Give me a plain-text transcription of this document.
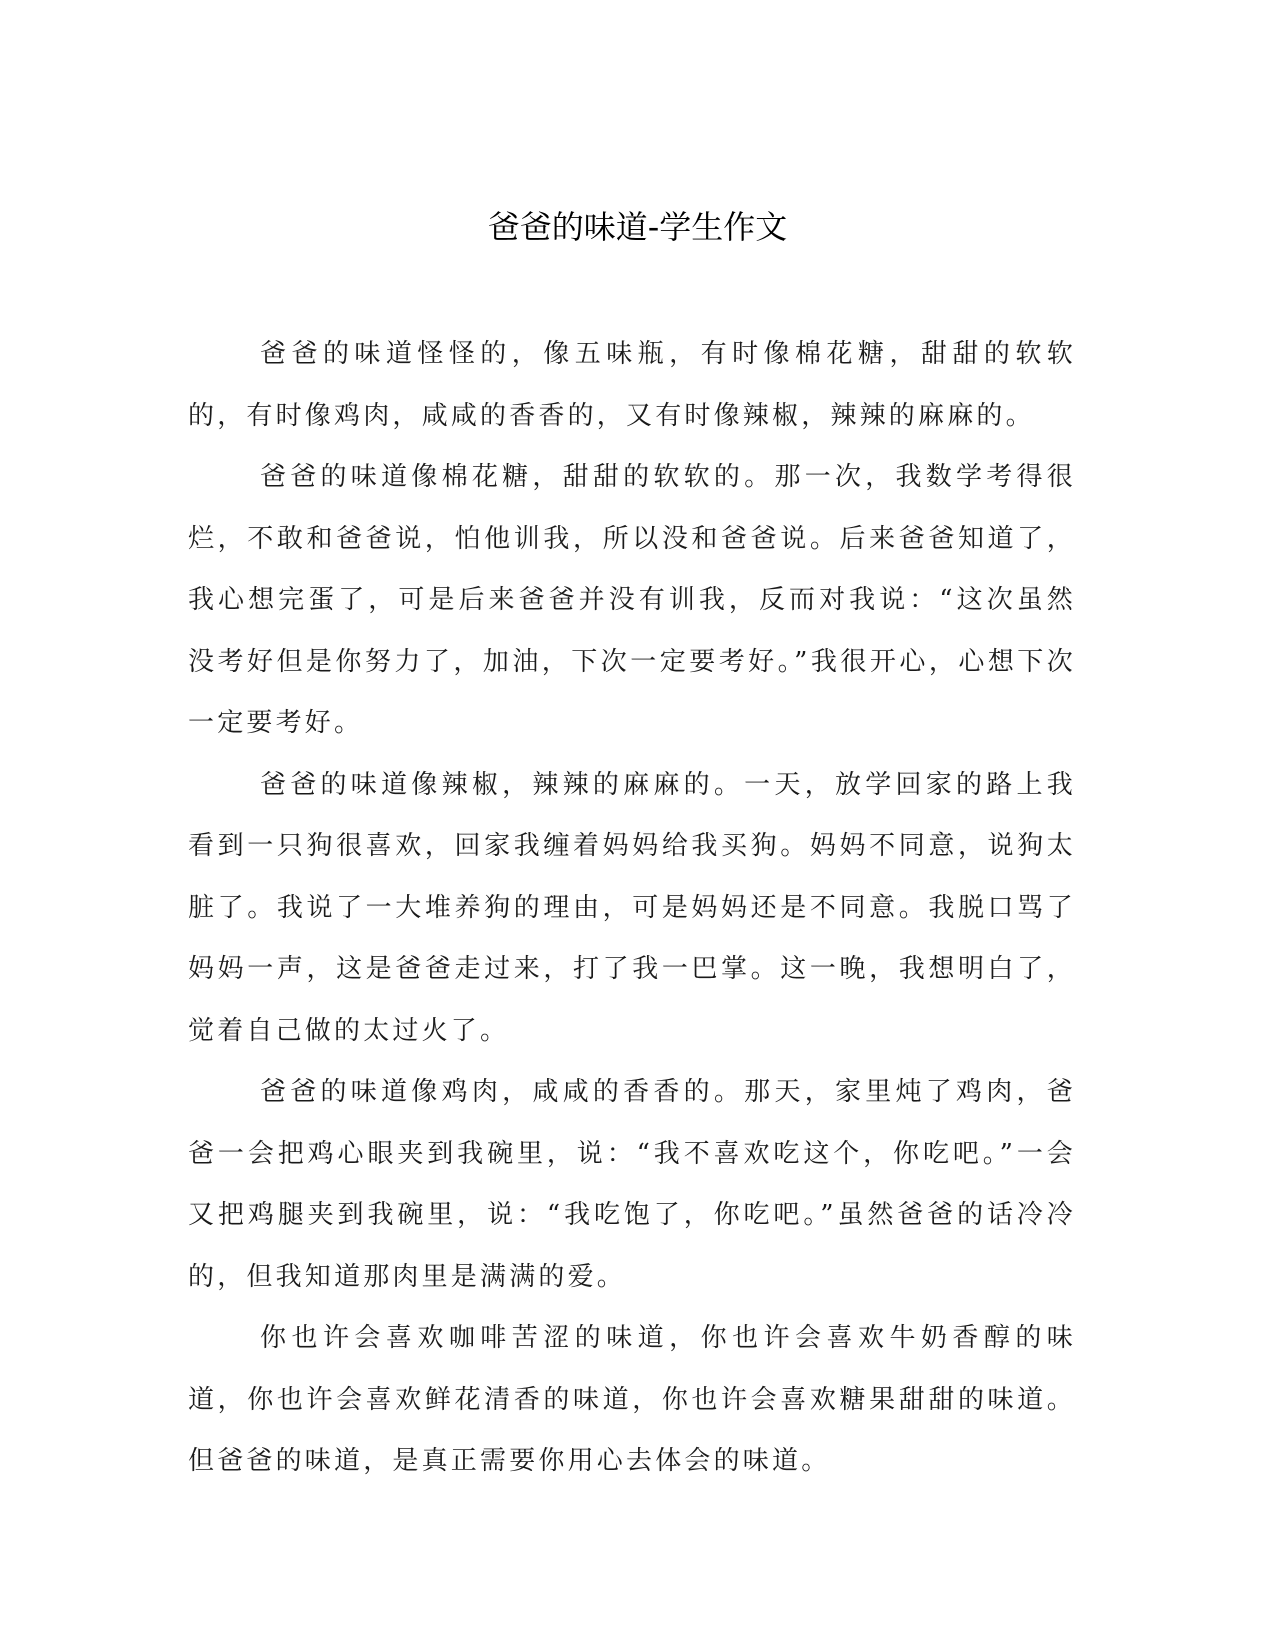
爸爸的味道-学生作文

爸爸的味道怪怪的，像五味瓶，有时像棉花糖，甜甜的软软的，有时像鸡肉，咸咸的香香的，又有时像辣椒，辣辣的麻麻的。

爸爸的味道像棉花糖，甜甜的软软的。那一次，我数学考得很烂，不敢和爸爸说，怕他训我，所以没和爸爸说。后来爸爸知道了，我心想完蛋了，可是后来爸爸并没有训我，反而对我说：“这次虽然没考好但是你努力了，加油，下次一定要考好。”我很开心，心想下次一定要考好。

爸爸的味道像辣椒，辣辣的麻麻的。一天，放学回家的路上我看到一只狗很喜欢，回家我缠着妈妈给我买狗。妈妈不同意，说狗太脏了。我说了一大堆养狗的理由，可是妈妈还是不同意。我脱口骂了妈妈一声，这是爸爸走过来，打了我一巴掌。这一晚，我想明白了，觉着自己做的太过火了。

爸爸的味道像鸡肉，咸咸的香香的。那天，家里炖了鸡肉，爸爸一会把鸡心眼夹到我碗里，说：“我不喜欢吃这个，你吃吧。”一会又把鸡腿夹到我碗里，说：“我吃饱了，你吃吧。”虽然爸爸的话冷冷的，但我知道那肉里是满满的爱。

你也许会喜欢咖啡苦涩的味道，你也许会喜欢牛奶香醇的味道，你也许会喜欢鲜花清香的味道，你也许会喜欢糖果甜甜的味道。但爸爸的味道，是真正需要你用心去体会的味道。
